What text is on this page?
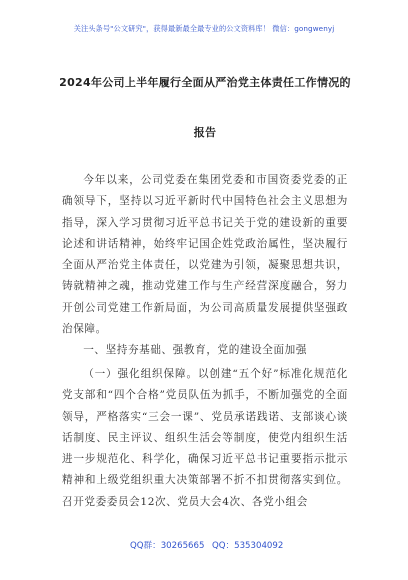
关注头条号"公文研究"，获得最新最全最专业的公文资料库！ 微信：gongwenyj
2024年公司上半年履行全面从严治党主体责任工作情况的
报告
今年以来，公司党委在集团党委和市国资委党委的正确领导下，坚持以习近平新时代中国特色社会主义思想为指导，深入学习贯彻习近平总书记关于党的建设新的重要论述和讲话精神，始终牢记国企姓党政治属性，坚决履行全面从严治党主体责任，以党建为引领，凝聚思想共识，铸就精神之魂，推动党建工作与生产经营深度融合，努力开创公司党建工作新局面，为公司高质量发展提供坚强政治保障。
一、坚持夯基础、强教育，党的建设全面加强
（一）强化组织保障。以创建“五个好”标准化规范化党支部和“四个合格”党员队伍为抓手，不断加强党的全面领导，严格落实“三会一课”、党员承诺践诺、支部谈心谈话制度、民主评议、组织生活会等制度，使党内组织生活进一步规范化、科学化，确保习近平总书记重要指示批示精神和上级党组织重大决策部署不折不扣贯彻落实到位。召开党委委员会12次、党员大会4次、各党小组会
QQ群：30265665 QQ：535304092
